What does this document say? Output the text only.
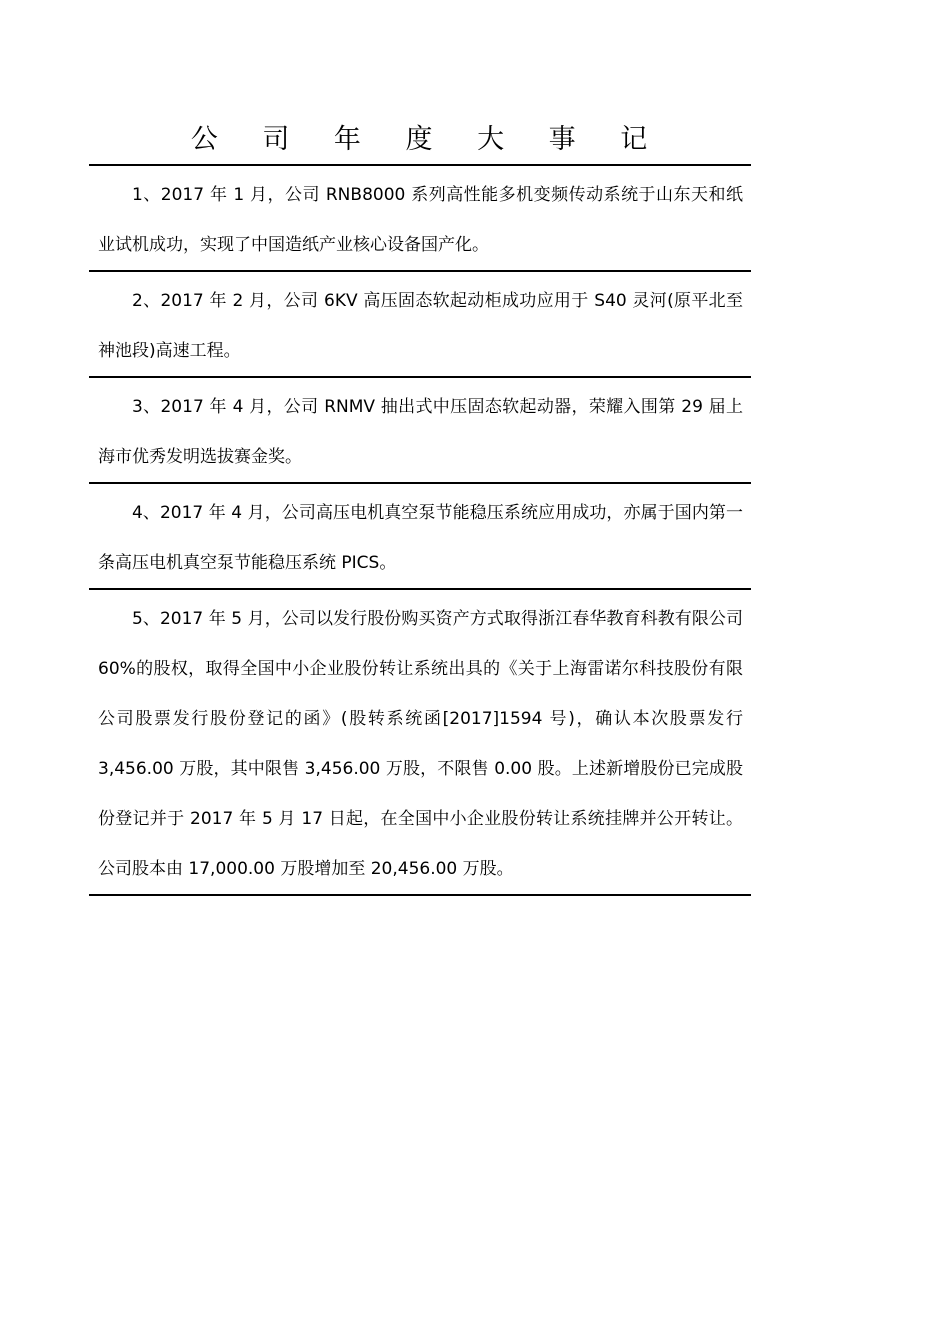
公 司 年 度 大 事 记

1、2017 年 1 月，公司 RNB8000 系列高性能多机变频传动系统于山东天和纸业试机成功，实现了中国造纸产业核心设备国产化。

2、2017 年 2 月，公司 6KV 高压固态软起动柜成功应用于 S40 灵河(原平北至神池段)高速工程。

3、2017 年 4 月，公司 RNMV 抽出式中压固态软起动器，荣耀入围第 29 届上海市优秀发明选拔赛金奖。

4、2017 年 4 月，公司高压电机真空泵节能稳压系统应用成功，亦属于国内第一条高压电机真空泵节能稳压系统 PICS。

5、2017 年 5 月，公司以发行股份购买资产方式取得浙江春华教育科教有限公司 60%的股权，取得全国中小企业股份转让系统出具的《关于上海雷诺尔科技股份有限公司股票发行股份登记的函》(股转系统函[2017]1594 号)，确认本次股票发行 3,456.00 万股，其中限售 3,456.00 万股，不限售 0.00 股。上述新增股份已完成股份登记并于 2017 年 5 月 17 日起，在全国中小企业股份转让系统挂牌并公开转让。公司股本由 17,000.00 万股增加至 20,456.00 万股。
